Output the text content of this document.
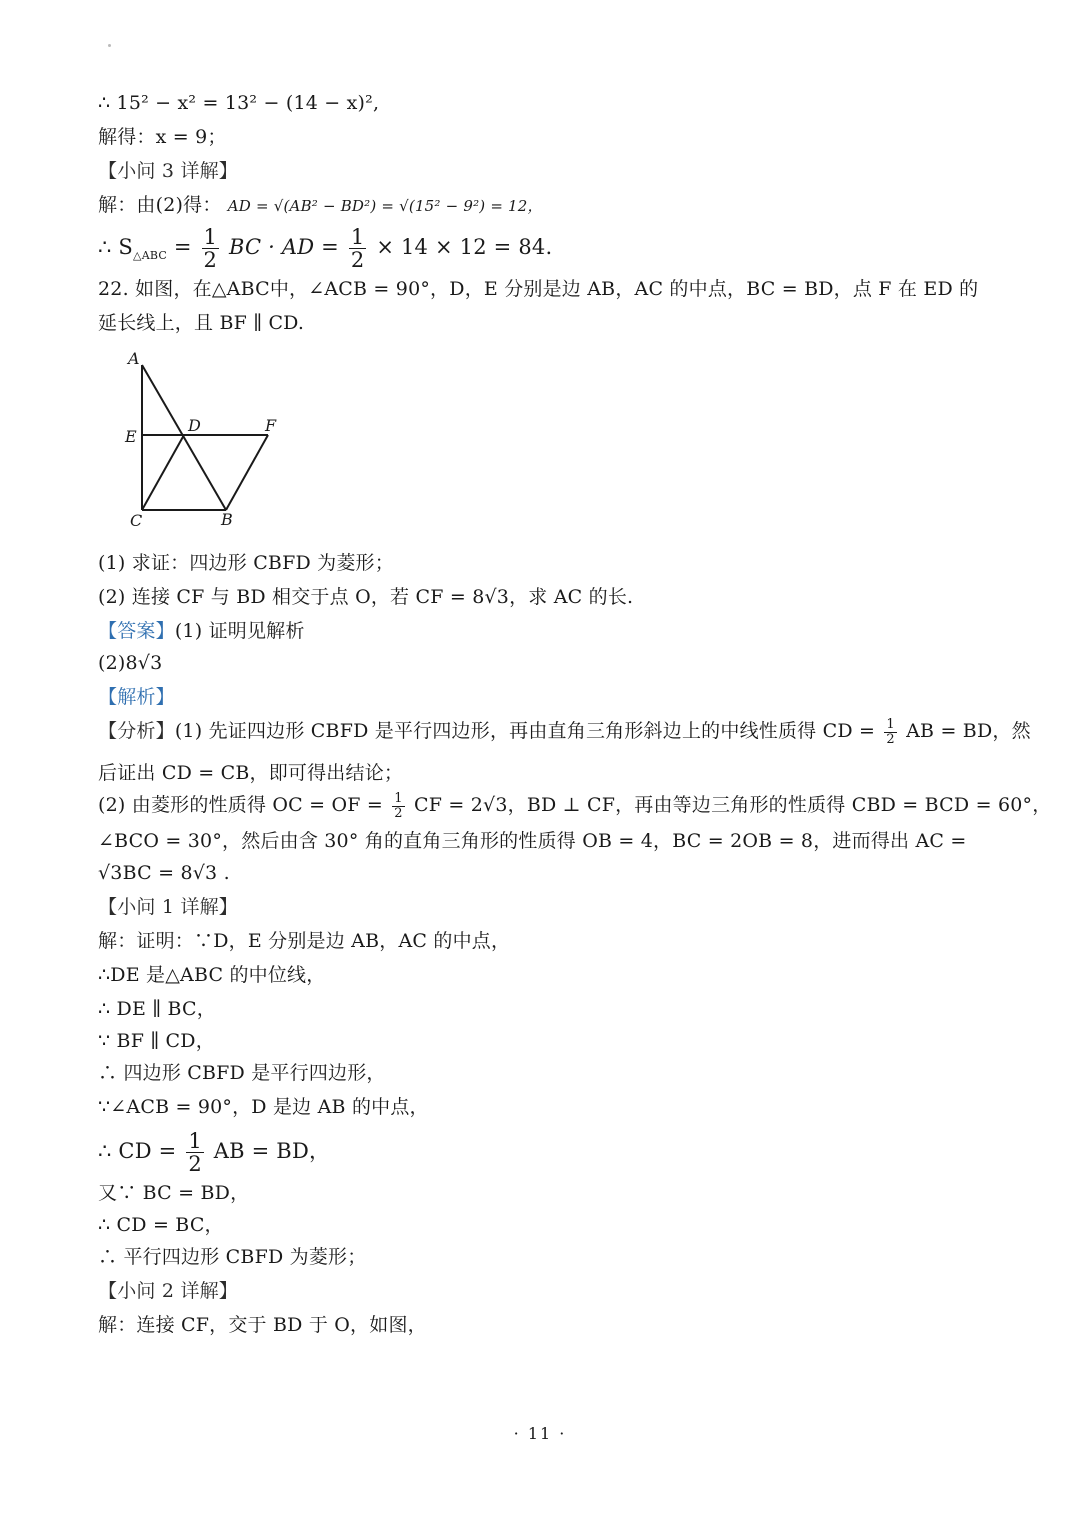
∴ 15² − x² = 13² − (14 − x)²,
解得：x = 9；
【小问 3 详解】
解：由(2)得： AD = √(AB² − BD²) = √(15² − 9²) = 12，
∴ $S_{\triangle ABC} = \frac{1}{2}$ BC · AD = $\frac{1}{2} \times 14 \times 12 = 84$.
22. 如图，在△ABC中，∠ACB = 90°，D，E 分别是边 AB，AC 的中点，BC = BD，点 F 在 ED 的
延长线上，且 BF ∥ CD.
A
E
D	F
C	B
(1) 求证：四边形 CBFD 为菱形；
(2) 连接 CF 与 BD 相交于点 O，若 CF = 8√3，求 AC 的长.
【答案】(1) 证明见解析
(2)8√3
【解析】
【分析】(1) 先证四边形 CBFD 是平行四边形，再由直角三角形斜边上的中线性质得 CD = $\frac{1}{2}$ AB = BD，然
后证出 CD = CB，即可得出结论；
(2) 由菱形的性质得 OC = OF = $\frac{1}{2}$ CF = 2√3，BD ⊥ CF，再由等边三角形的性质得 CBD = BCD = 60°，
∠BCO = 30°，然后由含 30° 角的直角三角形的性质得 OB = 4，BC = 2OB = 8，进而得出 AC =
√3BC = 8√3 .
【小问 1 详解】
解：证明：∵D，E 分别是边 AB，AC 的中点，
∴DE 是△ABC 的中位线，
∴ DE ∥ BC，
∵ BF ∥ CD，
∴ 四边形 CBFD 是平行四边形，
∵∠ACB = 90°，D 是边 AB 的中点，
∴ CD = $\frac{1}{2}$ AB = BD，
又∵ BC = BD，
∴ CD = BC，
∴ 平行四边形 CBFD 为菱形；
【小问 2 详解】
解：连接 CF，交于 BD 于 O，如图，
· 11 ·
